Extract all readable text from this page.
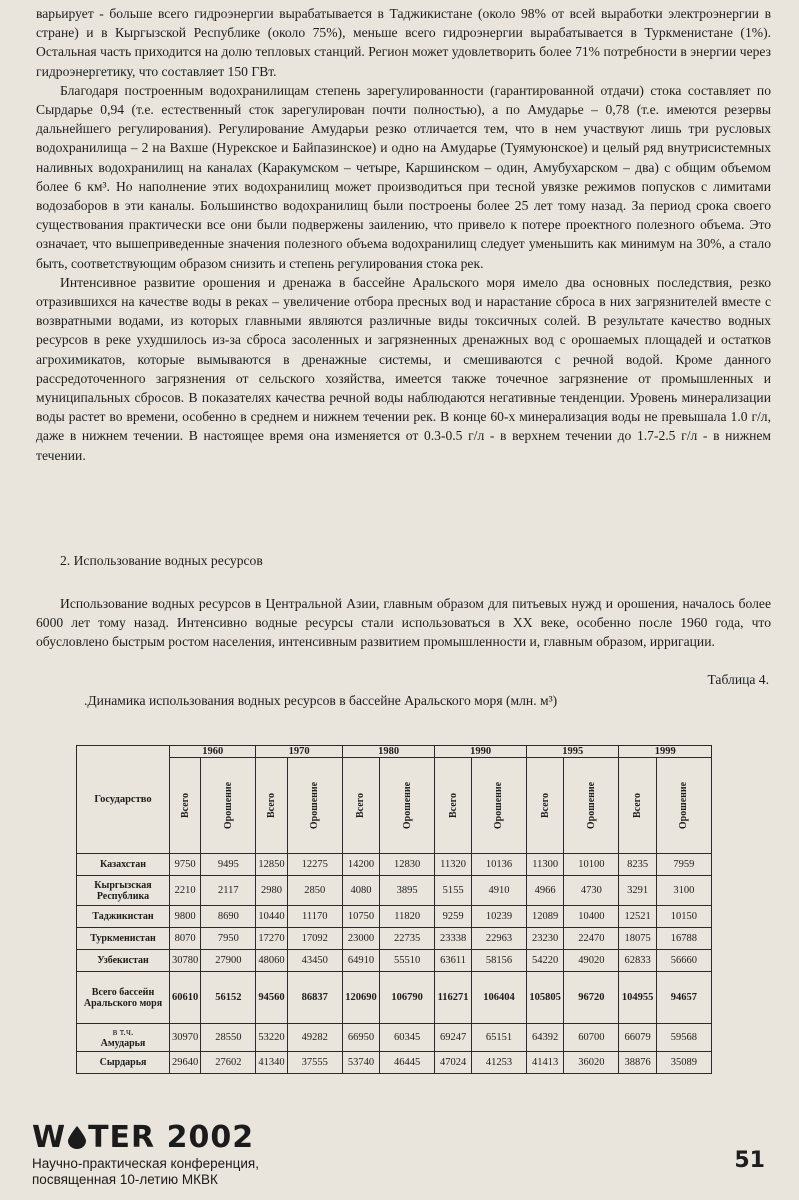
варьирует - больше всего гидроэнергии вырабатывается в Таджикистане (около 98% от всей выработки электроэнергии в стране) и в Кыргызской Республике (около 75%), меньше всего гидроэнергии вырабатывается в Туркменистане (1%). Остальная часть приходится на долю тепловых станций. Регион может удовлетворить более 71% потребности в энергии через гидроэнергетику, что составляет 150 ГВт.

Благодаря построенным водохранилищам степень зарегулированности (гарантированной отдачи) стока составляет по Сырдарье 0,94 (т.е. естественный сток зарегулирован почти полностью), а по Амударье – 0,78 (т.е. имеются резервы дальнейшего регулирования). Регулирование Амударьи резко отличается тем, что в нем участвуют лишь три русловых водохранилища – 2 на Вахше (Нурекское и Байпазинское) и одно на Амударье (Туямуюнское) и целый ряд внутрисистемных наливных водохранилищ на каналах (Каракумском – четыре, Каршинском – один, Амубухарском – два) с общим объемом более 6 км³. Но наполнение этих водохранилищ может производиться при тесной увязке режимов попусков с лимитами водозаборов в эти каналы. Большинство водохранилищ были построены более 25 лет тому назад. За период срока своего существования практически все они были подвержены заилению, что привело к потере проектного полезного объема. Это означает, что вышеприведенные значения полезного объема водохранилищ следует уменьшить как минимум на 30%, а стало быть, соответствующим образом снизить и степень регулирования стока рек.

Интенсивное развитие орошения и дренажа в бассейне Аральского моря имело два основных последствия, резко отразившихся на качестве воды в реках – увеличение отбора пресных вод и нарастание сброса в них загрязнителей вместе с возвратными водами, из которых главными являются различные виды токсичных солей. В результате качество водных ресурсов в реке ухудшилось из-за сброса засоленных и загрязненных дренажных вод с орошаемых площадей и остатков агрохимикатов, которые вымываются в дренажные системы, и смешиваются с речной водой. Кроме данного рассредоточенного загрязнения от сельского хозяйства, имеется также точечное загрязнение от промышленных и муниципальных сбросов. В показателях качества речной воды наблюдаются негативные тенденции. Уровень минерализации воды растет во времени, особенно в среднем и нижнем течении рек. В конце 60-х минерализация воды не превышала 1.0 г/л, даже в нижнем течении. В настоящее время она изменяется от 0.3-0.5 г/л - в верхнем течении до 1.7-2.5 г/л - в нижнем течении.

2. Использование водных ресурсов
Использование водных ресурсов в Центральной Азии, главным образом для питьевых нужд и орошения, началось более 6000 лет тому назад. Интенсивно водные ресурсы стали использоваться в XX веке, особенно после 1960 года, что обусловлено быстрым ростом населения, интенсивным развитием промышленности и, главным образом, ирригации.
Таблица 4.
.Динамика использования водных ресурсов в бассейне Аральского моря (млн. м³)
Государство	1960		1970		1980		1990		1995		1999	
	Всего	Орошение	Всего	Орошение	Всего	Орошение	Всего	Орошение	Всего	Орошение	Всего	Орошение
Казахстан	9750	9495	12850	12275	14200	12830	11320	10136	11300	10100	8235	7959
Кыргызская Республика	2210	2117	2980	2850	4080	3895	5155	4910	4966	4730	3291	3100
Таджикистан	9800	8690	10440	11170	10750	11820	9259	10239	12089	10400	12521	10150
Туркменистан	8070	7950	17270	17092	23000	22735	23338	22963	23230	22470	18075	16788
Узбекистан	30780	27900	48060	43450	64910	55510	63611	58156	54220	49020	62833	56660
Всего бассейн Аральского моря	60610	56152	94560	86837	120690	106790	116271	106404	105805	96720	104955	94657

в т.ч.
Амударья	30970	28550	53220	49282	66950	60345	69247	65151	64392	60700	66079	59568
Сырдарья	29640	27602	41340	37555	53740	46445	47024	41253	41413	36020	38876	35089
W TER 2002
Научно-практическая конференция,
посвященная 10-летию МКВК
51
